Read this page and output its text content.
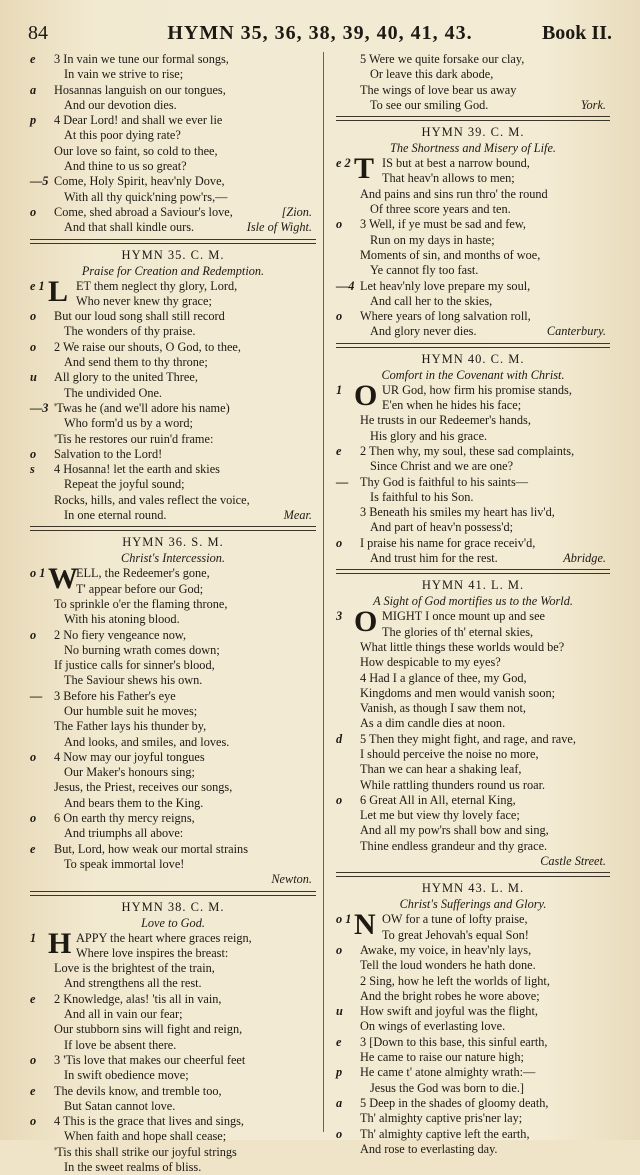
84	HYMN 35, 36, 38, 39, 40, 41, 43.	Book II.
e	3 In vain we tune our formal songs,
In vain we strive to rise;
a	Hosannas languish on our tongues,
And our devotion dies.
p	4 Dear Lord! and shall we ever lie
At this poor dying rate?
Our love so faint, so cold to thee,
And thine to us so great?
—5 Come, Holy Spirit, heav'nly Dove,
With all thy quick'ning pow'rs,—
o	Come, shed abroad a Saviour's love,	[Zion.
And that shall kindle ours.	Isle of Wight.
HYMN 35. C. M.
Praise for Creation and Redemption.
e 1 L ET them neglect thy glory, Lord,
Who never knew thy grace;
o	But our loud song shall still record
The wonders of thy praise.
o	2 We raise our shouts, O God, to thee,
And send them to thy throne;
u	All glory to the united Three,
The undivided One.
—3 'Twas he (and we'll adore his name)
Who form'd us by a word;
'Tis he restores our ruin'd frame:
o	Salvation to the Lord!
s	4 Hosanna! let the earth and skies
Repeat the joyful sound;
Rocks, hills, and vales reflect the voice,
In one eternal round.	Mear.
HYMN 36. S. M.
Christ's Intercession.
o 1 W
ELL, the Redeemer's gone,
T' appear before our God;
To sprinkle o'er the flaming throne,
With his atoning blood.
o	2 No fiery vengeance now,
No burning wrath comes down;
If justice calls for sinner's blood,
The Saviour shews his own.
— 3 Before his Father's eye
Our humble suit he moves;
The Father lays his thunder by,
And looks, and smiles, and loves.
o	4 Now may our joyful tongues
Our Maker's honours sing;
Jesus, the Priest, receives our songs,
And bears them to the King.
o	6 On earth thy mercy reigns,
And triumphs all above:
e	But, Lord, how weak our mortal strains
To speak immortal love!
Newton.
HYMN 38. C. M.
Love to God.
1 H APPY the heart where graces reign,
Where love inspires the breast:
Love is the brightest of the train,
And strengthens all the rest.
e	2 Knowledge, alas! 'tis all in vain,
And all in vain our fear;
Our stubborn sins will fight and reign,
If love be absent there.
o	3 'Tis love that makes our cheerful feet
In swift obedience move;
e	The devils know, and tremble too,
But Satan cannot love.
o	4 This is the grace that lives and sings,
When faith and hope shall cease;
'Tis this shall strike our joyful strings
In the sweet realms of bliss.
5 Were we quite forsake our clay,
Or leave this dark abode,
The wings of love bear us away
To see our smiling God.	York.
HYMN 39. C. M.
The Shortness and Misery of Life.
e 2 T IS but at best a narrow bound,
That heav'n allows to men;
And pains and sins run thro' the round
Of three score years and ten.
o	3 Well, if ye must be sad and few,
Run on my days in haste;
Moments of sin, and months of woe,
Ye cannot fly too fast.
—4 Let heav'nly love prepare my soul,
And call her to the skies,
o	Where years of long salvation roll,
And glory never dies.	Canterbury.
HYMN 40. C. M.
Comfort in the Covenant with Christ.
1 O UR God, how firm his promise stands,
E'en when he hides his face;
He trusts in our Redeemer's hands,
His glory and his grace.
e	2 Then why, my soul, these sad complaints,
Since Christ and we are one?
— Thy God is faithful to his saints—
Is faithful to his Son.
3 Beneath his smiles my heart has liv'd,
And part of heav'n possess'd;
o	I praise his name for grace receiv'd,
And trust him for the rest.	Abridge.
HYMN 41. L. M.
A Sight of God mortifies us to the World.
3 O MIGHT I once mount up and see
The glories of th' eternal skies,
What little things these worlds would be?
How despicable to my eyes?
4 Had I a glance of thee, my God,
Kingdoms and men would vanish soon;
Vanish, as though I saw them not,
As a dim candle dies at noon.
d	5 Then they might fight, and rage, and rave,
I should perceive the noise no more,
Than we can hear a shaking leaf,
While rattling thunders round us roar.
o	6 Great All in All, eternal King,
Let me but view thy lovely face;
And all my pow'rs shall bow and sing,
Thine endless grandeur and thy grace.
Castle Street.
HYMN 43. L. M.
Christ's Sufferings and Glory.
o 1 N OW for a tune of lofty praise,
To great Jehovah's equal Son!
o	Awake, my voice, in heav'nly lays,
Tell the loud wonders he hath done.
2 Sing, how he left the worlds of light,
And the bright robes he wore above;
u	How swift and joyful was the flight,
On wings of everlasting love.
e	3 [Down to this base, this sinful earth,
He came to raise our nature high;
p	He came t' atone almighty wrath:—
Jesus the God was born to die.]
a	5 Deep in the shades of gloomy death,
Th' almighty captive pris'ner lay;
o	Th' almighty captive left the earth,
And rose to everlasting day.
